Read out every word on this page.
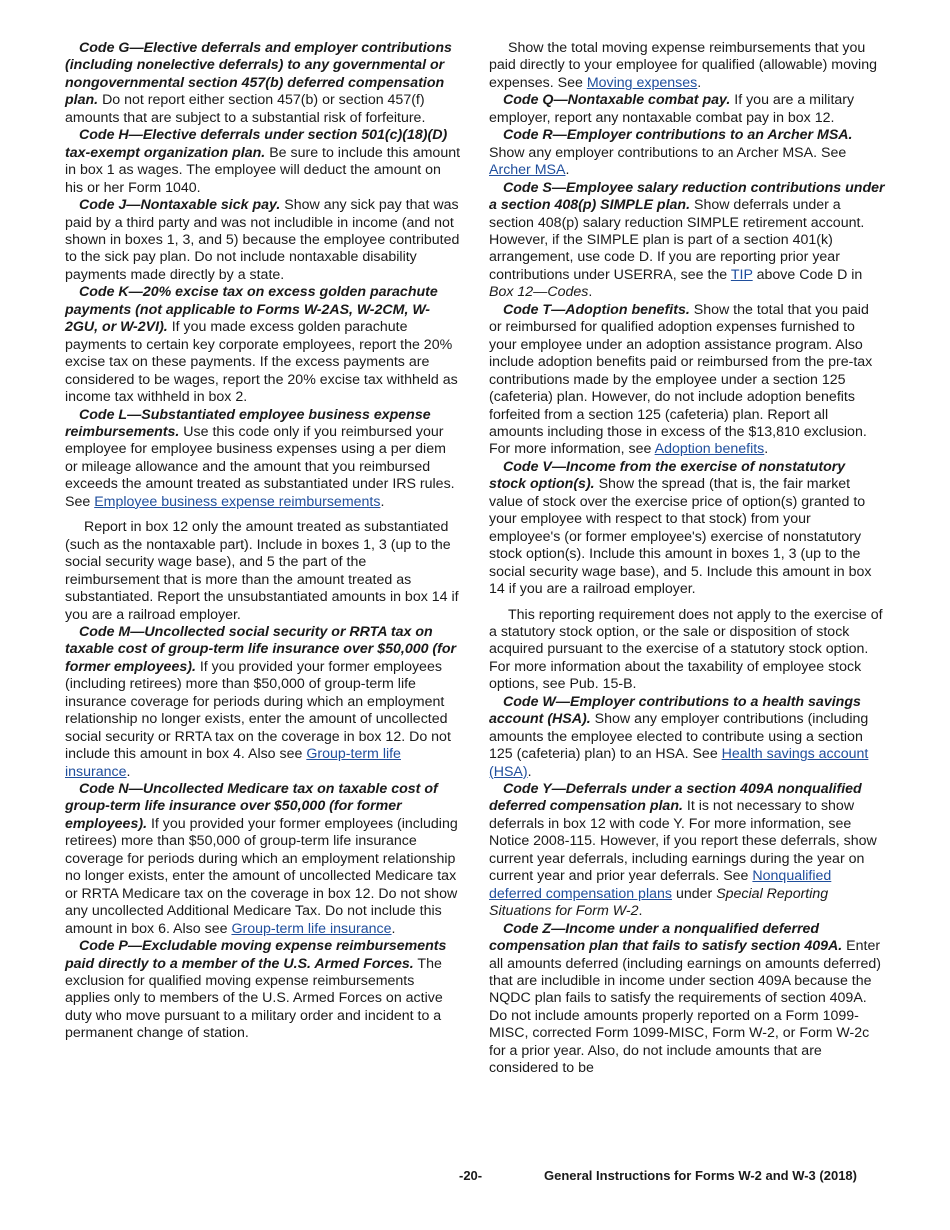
Code G—Elective deferrals and employer contributions (including nonelective deferrals) to any governmental or nongovernmental section 457(b) deferred compensation plan. Do not report either section 457(b) or section 457(f) amounts that are subject to a substantial risk of forfeiture.

Code H—Elective deferrals under section 501(c)(18)(D) tax-exempt organization plan. Be sure to include this amount in box 1 as wages. The employee will deduct the amount on his or her Form 1040.

Code J—Nontaxable sick pay. Show any sick pay that was paid by a third party and was not includible in income (and not shown in boxes 1, 3, and 5) because the employee contributed to the sick pay plan. Do not include nontaxable disability payments made directly by a state.

Code K—20% excise tax on excess golden parachute payments (not applicable to Forms W-2AS, W-2CM, W-2GU, or W-2VI). If you made excess golden parachute payments to certain key corporate employees, report the 20% excise tax on these payments. If the excess payments are considered to be wages, report the 20% excise tax withheld as income tax withheld in box 2.

Code L—Substantiated employee business expense reimbursements. Use this code only if you reimbursed your employee for employee business expenses using a per diem or mileage allowance and the amount that you reimbursed exceeds the amount treated as substantiated under IRS rules. See Employee business expense reimbursements.

Report in box 12 only the amount treated as substantiated (such as the nontaxable part). Include in boxes 1, 3 (up to the social security wage base), and 5 the part of the reimbursement that is more than the amount treated as substantiated. Report the unsubstantiated amounts in box 14 if you are a railroad employer.

Code M—Uncollected social security or RRTA tax on taxable cost of group-term life insurance over $50,000 (for former employees). If you provided your former employees (including retirees) more than $50,000 of group-term life insurance coverage for periods during which an employment relationship no longer exists, enter the amount of uncollected social security or RRTA tax on the coverage in box 12. Do not include this amount in box 4. Also see Group-term life insurance.

Code N—Uncollected Medicare tax on taxable cost of group-term life insurance over $50,000 (for former employees). If you provided your former employees (including retirees) more than $50,000 of group-term life insurance coverage for periods during which an employment relationship no longer exists, enter the amount of uncollected Medicare tax or RRTA Medicare tax on the coverage in box 12. Do not show any uncollected Additional Medicare Tax. Do not include this amount in box 6. Also see Group-term life insurance.

Code P—Excludable moving expense reimbursements paid directly to a member of the U.S. Armed Forces. The exclusion for qualified moving expense reimbursements applies only to members of the U.S. Armed Forces on active duty who move pursuant to a military order and incident to a permanent change of station.

Show the total moving expense reimbursements that you paid directly to your employee for qualified (allowable) moving expenses. See Moving expenses.

Code Q—Nontaxable combat pay. If you are a military employer, report any nontaxable combat pay in box 12.

Code R—Employer contributions to an Archer MSA. Show any employer contributions to an Archer MSA. See Archer MSA.

Code S—Employee salary reduction contributions under a section 408(p) SIMPLE plan. Show deferrals under a section 408(p) salary reduction SIMPLE retirement account. However, if the SIMPLE plan is part of a section 401(k) arrangement, use code D. If you are reporting prior year contributions under USERRA, see the TIP above Code D in Box 12—Codes.

Code T—Adoption benefits. Show the total that you paid or reimbursed for qualified adoption expenses furnished to your employee under an adoption assistance program. Also include adoption benefits paid or reimbursed from the pre-tax contributions made by the employee under a section 125 (cafeteria) plan. However, do not include adoption benefits forfeited from a section 125 (cafeteria) plan. Report all amounts including those in excess of the $13,810 exclusion. For more information, see Adoption benefits.

Code V—Income from the exercise of nonstatutory stock option(s). Show the spread (that is, the fair market value of stock over the exercise price of option(s) granted to your employee with respect to that stock) from your employee's (or former employee's) exercise of nonstatutory stock option(s). Include this amount in boxes 1, 3 (up to the social security wage base), and 5. Include this amount in box 14 if you are a railroad employer.

This reporting requirement does not apply to the exercise of a statutory stock option, or the sale or disposition of stock acquired pursuant to the exercise of a statutory stock option. For more information about the taxability of employee stock options, see Pub. 15-B.

Code W—Employer contributions to a health savings account (HSA). Show any employer contributions (including amounts the employee elected to contribute using a section 125 (cafeteria) plan) to an HSA. See Health savings account (HSA).

Code Y—Deferrals under a section 409A nonqualified deferred compensation plan. It is not necessary to show deferrals in box 12 with code Y. For more information, see Notice 2008-115. However, if you report these deferrals, show current year deferrals, including earnings during the year on current year and prior year deferrals. See Nonqualified deferred compensation plans under Special Reporting Situations for Form W-2.

Code Z—Income under a nonqualified deferred compensation plan that fails to satisfy section 409A. Enter all amounts deferred (including earnings on amounts deferred) that are includible in income under section 409A because the NQDC plan fails to satisfy the requirements of section 409A. Do not include amounts properly reported on a Form 1099-MISC, corrected Form 1099-MISC, Form W-2, or Form W-2c for a prior year. Also, do not include amounts that are considered to be

-20-	General Instructions for Forms W-2 and W-3 (2018)
